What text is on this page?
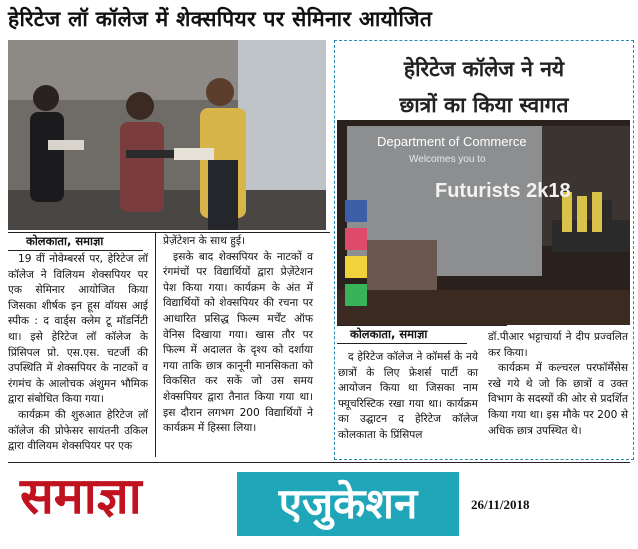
हेरिटेज लॉ कॉलेज में शेक्सपियर पर सेमिनार आयोजित
कोलकाता, समाज्ञा

19 वीं नोवेम्बरर्स पर, हेरिटेज लॉ कॉलेज ने विलियम शेक्सपियर पर एक सेमिनार आयोजित किया जिसका शीर्षक इन हूस वॉयस आई स्पीक : द वार्ड्स क्लेम टू मॉडर्निटी था। इसे हेरिटेज लॉ कॉलेज के प्रिंसिपल प्रो. एस.एस. चटर्जी की उपस्थिति में शेक्सपियर के नाटकों व रंगमंच के आलोचक अंशुमन भौमिक द्वारा संबोधित किया गया।

कार्यक्रम की शुरुआत हेरिटेज लॉ कॉलेज की प्रोफेसर सायंतनी उकिल द्वारा वीलियम शेक्सपियर पर एक

प्रेज़ेंटेशन के साथ हुई।

इसके बाद शेक्सपियर के नाटकों व रंगमंचों पर विद्यार्थियों द्वारा प्रेज़ेंटेशन पेश किया गया। कार्यक्रम के अंत में विद्यार्थियों को शेक्सपियर की रचना पर आधारित प्रसिद्ध फिल्म मर्चेंट ऑफ वेनिस दिखाया गया। खास तौर पर फिल्म में अदालत के दृश्य को दर्शाया गया ताकि छात्र कानूनी मानसिकता को विकसित कर सकें जो उस समय शेक्सपियर द्वारा तैनात किया गया था। इस दौरान लगभग 200 विद्यार्थियों ने कार्यक्रम में हिस्सा लिया।

हेरिटेज कॉलेज ने नये
छात्रों का किया स्वागत
Department of Commerce
Welcomes you to
Futurists 2k18
कोलकाता, समाज्ञा

द हेरिटेज कॉलेज ने कॉमर्स के नये छात्रों के लिए फ्रेशर्स पार्टी का आयोजन किया था जिसका नाम फ्यूचरिस्टिक रखा गया था। कार्यक्रम का उद्घाटन द हेरिटेज कॉलेज कोलकाता के प्रिंसिपल

डॉ.पीआर भट्टाचार्या ने दीप प्रज्वलित कर किया।

कार्यक्रम में कल्चरल परफॉर्मेंसेस रखे गये थे जो कि छात्रों व उक्त विभाग के सदस्यों की ओर से प्रदर्शित किया गया था। इस मौके पर 200 से अधिक छात्र उपस्थित थे।

समाज्ञा	एजुकेशन	26/11/2018
